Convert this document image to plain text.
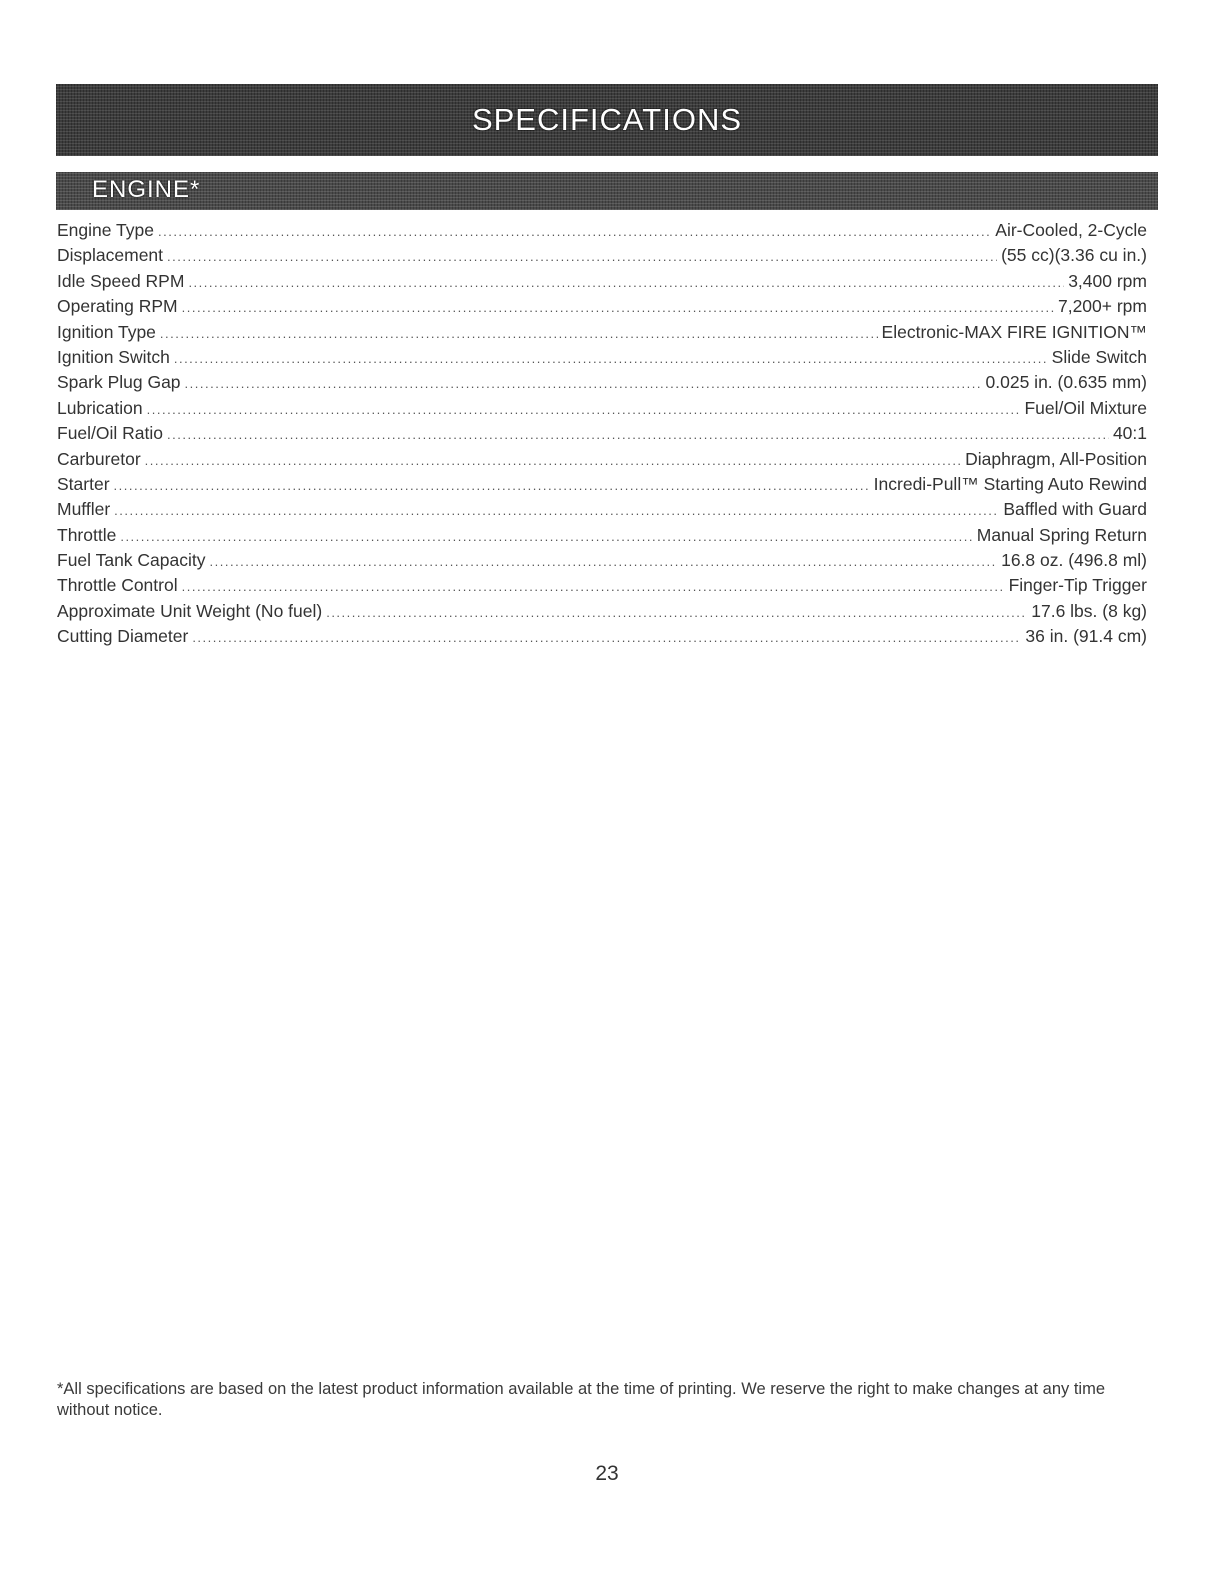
SPECIFICATIONS
ENGINE*
Engine Type .....	Air-Cooled, 2-Cycle
Displacement .....	(55 cc)(3.36 cu in.)
Idle Speed RPM .....	3,400 rpm
Operating RPM .....	7,200+ rpm
Ignition Type .....	Electronic-MAX FIRE IGNITION™
Ignition Switch .....	Slide Switch
Spark Plug Gap .....	0.025 in. (0.635 mm)
Lubrication .....	Fuel/Oil Mixture
Fuel/Oil Ratio .....	40:1
Carburetor .....	Diaphragm, All-Position
Starter .....	Incredi-Pull™ Starting Auto Rewind
Muffler .....	Baffled with Guard
Throttle .....	Manual Spring Return
Fuel Tank Capacity .....	16.8 oz. (496.8 ml)
Throttle Control .....	Finger-Tip Trigger
Approximate Unit Weight (No fuel) .....	17.6 lbs. (8 kg)
Cutting Diameter .....	36 in. (91.4 cm)

*All specifications are based on the latest product information available at the time of printing. We reserve the right to make changes at any time without notice.

23
